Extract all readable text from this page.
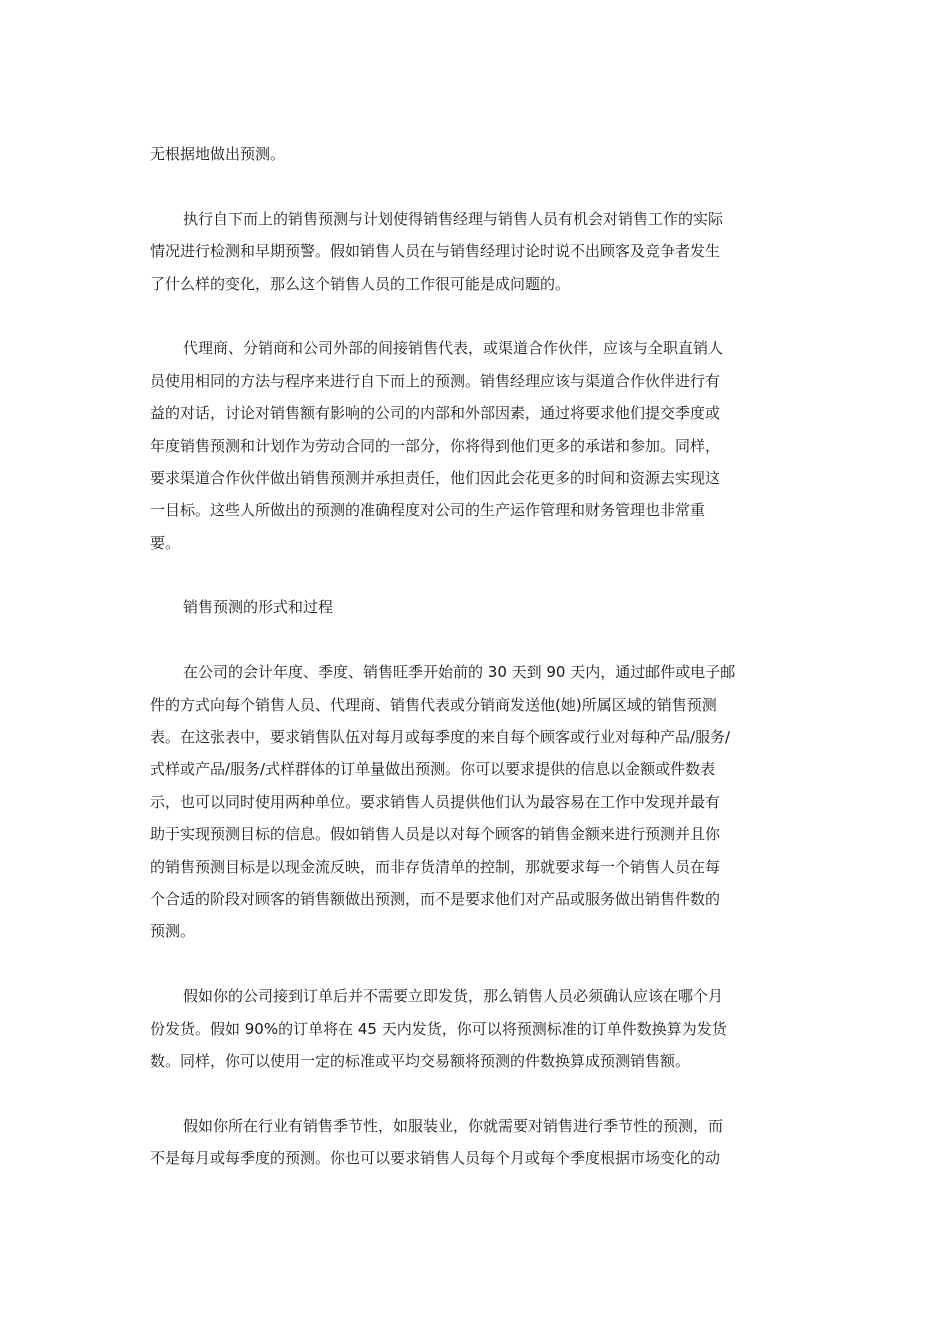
无根据地做出预测。
执行自下而上的销售预测与计划使得销售经理与销售人员有机会对销售工作的实际
情况进行检测和早期预警。假如销售人员在与销售经理讨论时说不出顾客及竞争者发生
了什么样的变化，那么这个销售人员的工作很可能是成问题的。
代理商、分销商和公司外部的间接销售代表，或渠道合作伙伴，应该与全职直销人
员使用相同的方法与程序来进行自下而上的预测。销售经理应该与渠道合作伙伴进行有
益的对话，讨论对销售额有影响的公司的内部和外部因素，通过将要求他们提交季度或
年度销售预测和计划作为劳动合同的一部分，你将得到他们更多的承诺和参加。同样，
要求渠道合作伙伴做出销售预测并承担责任，他们因此会花更多的时间和资源去实现这
一目标。这些人所做出的预测的准确程度对公司的生产运作管理和财务管理也非常重
要。
销售预测的形式和过程
在公司的会计年度、季度、销售旺季开始前的 30 天到 90 天内，通过邮件或电子邮
件的方式向每个销售人员、代理商、销售代表或分销商发送他(她)所属区域的销售预测
表。在这张表中，要求销售队伍对每月或每季度的来自每个顾客或行业对每种产品/服务/
式样或产品/服务/式样群体的订单量做出预测。你可以要求提供的信息以金额或件数表
示，也可以同时使用两种单位。要求销售人员提供他们认为最容易在工作中发现并最有
助于实现预测目标的信息。假如销售人员是以对每个顾客的销售金额来进行预测并且你
的销售预测目标是以现金流反映，而非存货清单的控制，那就要求每一个销售人员在每
个合适的阶段对顾客的销售额做出预测，而不是要求他们对产品或服务做出销售件数的
预测。
假如你的公司接到订单后并不需要立即发货，那么销售人员必须确认应该在哪个月
份发货。假如 90%的订单将在 45 天内发货，你可以将预测标准的订单件数换算为发货
数。同样，你可以使用一定的标准或平均交易额将预测的件数换算成预测销售额。
假如你所在行业有销售季节性，如服装业，你就需要对销售进行季节性的预测，而
不是每月或每季度的预测。你也可以要求销售人员每个月或每个季度根据市场变化的动
